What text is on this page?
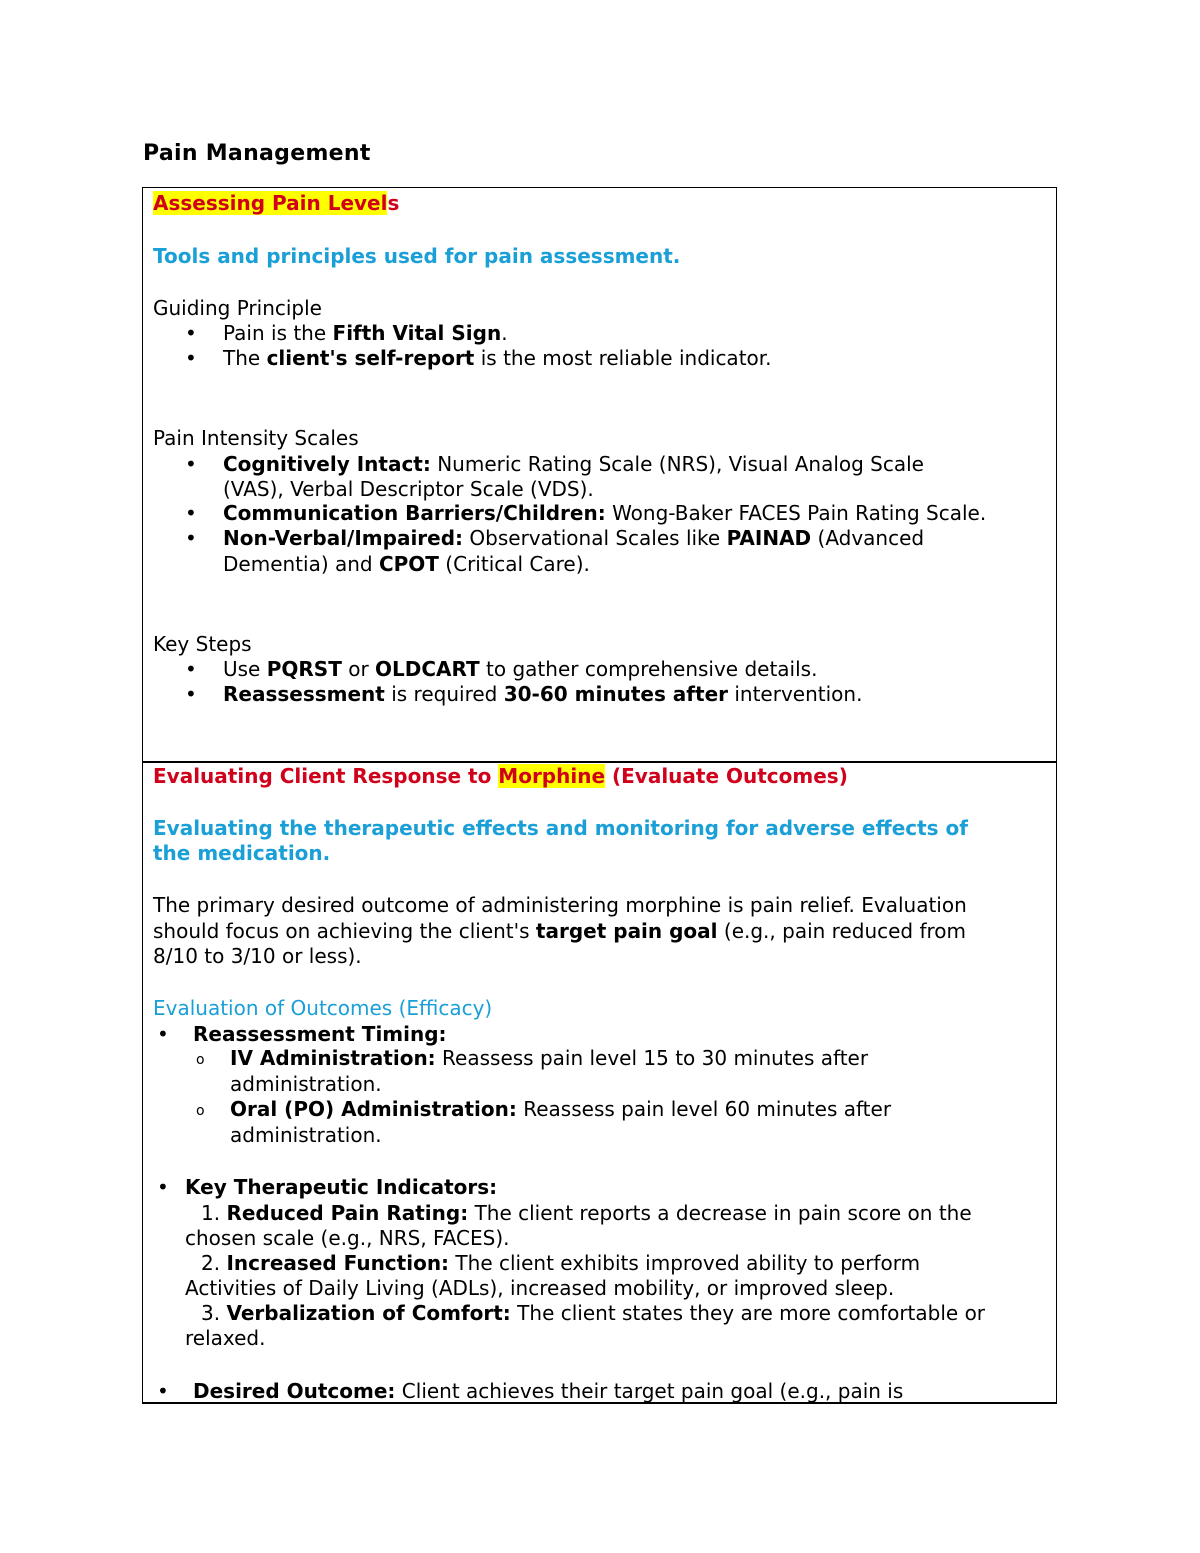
Pain Management
Assessing Pain Levels
Tools and principles used for pain assessment.
Guiding Principle
• Pain is the Fifth Vital Sign.
• The client's self-report is the most reliable indicator.
Pain Intensity Scales
• Cognitively Intact: Numeric Rating Scale (NRS), Visual Analog Scale
(VAS), Verbal Descriptor Scale (VDS).
• Communication Barriers/Children: Wong-Baker FACES Pain Rating Scale.
• Non-Verbal/Impaired: Observational Scales like PAINAD (Advanced
Dementia) and CPOT (Critical Care).
Key Steps
• Use PQRST or OLDCART to gather comprehensive details.
• Reassessment is required 30-60 minutes after intervention.
Evaluating Client Response to Morphine (Evaluate Outcomes)
Evaluating the therapeutic effects and monitoring for adverse effects of
the medication.
The primary desired outcome of administering morphine is pain relief. Evaluation
should focus on achieving the client's target pain goal (e.g., pain reduced from
8/10 to 3/10 or less).
Evaluation of Outcomes (Efficacy)
• Reassessment Timing:
o IV Administration: Reassess pain level 15 to 30 minutes after
administration.
o Oral (PO) Administration: Reassess pain level 60 minutes after
administration.
• Key Therapeutic Indicators:
1. Reduced Pain Rating: The client reports a decrease in pain score on the
chosen scale (e.g., NRS, FACES).
2. Increased Function: The client exhibits improved ability to perform
Activities of Daily Living (ADLs), increased mobility, or improved sleep.
3. Verbalization of Comfort: The client states they are more comfortable or
relaxed.
• Desired Outcome: Client achieves their target pain goal (e.g., pain is
